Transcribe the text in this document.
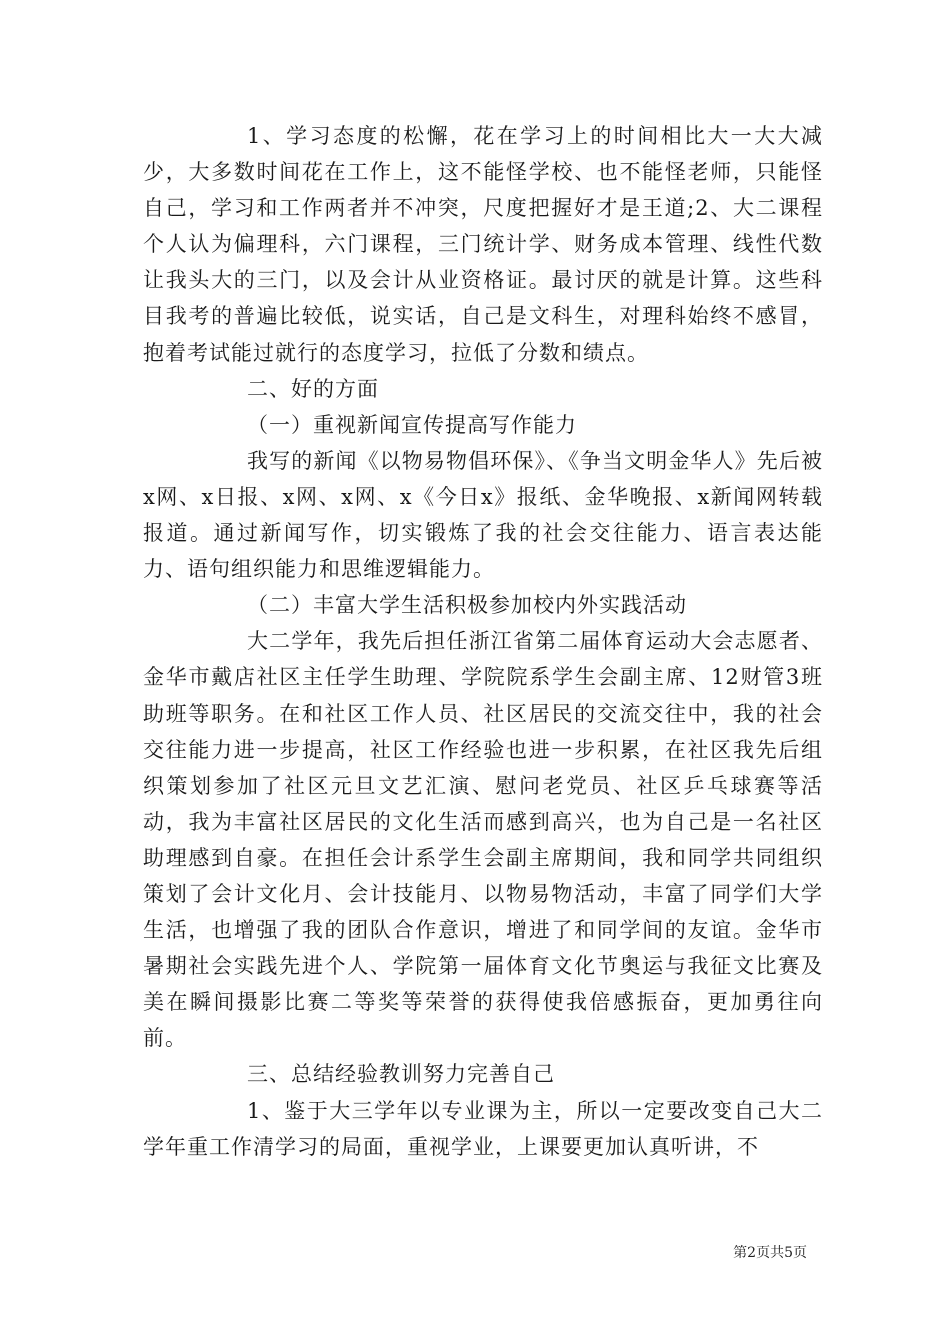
1、学习态度的松懈，花在学习上的时间相比大一大大减少，大多数时间花在工作上，这不能怪学校、也不能怪老师，只能怪自己，学习和工作两者并不冲突，尺度把握好才是王道;2、大二课程个人认为偏理科，六门课程，三门统计学、财务成本管理、线性代数让我头大的三门，以及会计从业资格证。最讨厌的就是计算。这些科目我考的普遍比较低，说实话，自己是文科生，对理科始终不感冒，抱着考试能过就行的态度学习，拉低了分数和绩点。

二、好的方面

（一）重视新闻宣传提高写作能力

我写的新闻《以物易物倡环保》、《争当文明金华人》先后被x网、x日报、x网、x网、x《今日x》报纸、金华晚报、x新闻网转载报道。通过新闻写作，切实锻炼了我的社会交往能力、语言表达能力、语句组织能力和思维逻辑能力。

（二）丰富大学生活积极参加校内外实践活动

大二学年，我先后担任浙江省第二届体育运动大会志愿者、金华市戴店社区主任学生助理、学院院系学生会副主席、12财管3班助班等职务。在和社区工作人员、社区居民的交流交往中，我的社会交往能力进一步提高，社区工作经验也进一步积累，在社区我先后组织策划参加了社区元旦文艺汇演、慰问老党员、社区乒乓球赛等活动，我为丰富社区居民的文化生活而感到高兴，也为自己是一名社区助理感到自豪。在担任会计系学生会副主席期间，我和同学共同组织策划了会计文化月、会计技能月、以物易物活动，丰富了同学们大学生活，也增强了我的团队合作意识，增进了和同学间的友谊。金华市暑期社会实践先进个人、学院第一届体育文化节奥运与我征文比赛及美在瞬间摄影比赛二等奖等荣誉的获得使我倍感振奋，更加勇往向前。

三、总结经验教训努力完善自己

1、鉴于大三学年以专业课为主，所以一定要改变自己大二学年重工作清学习的局面，重视学业，上课要更加认真听讲，不

第2页共5页
